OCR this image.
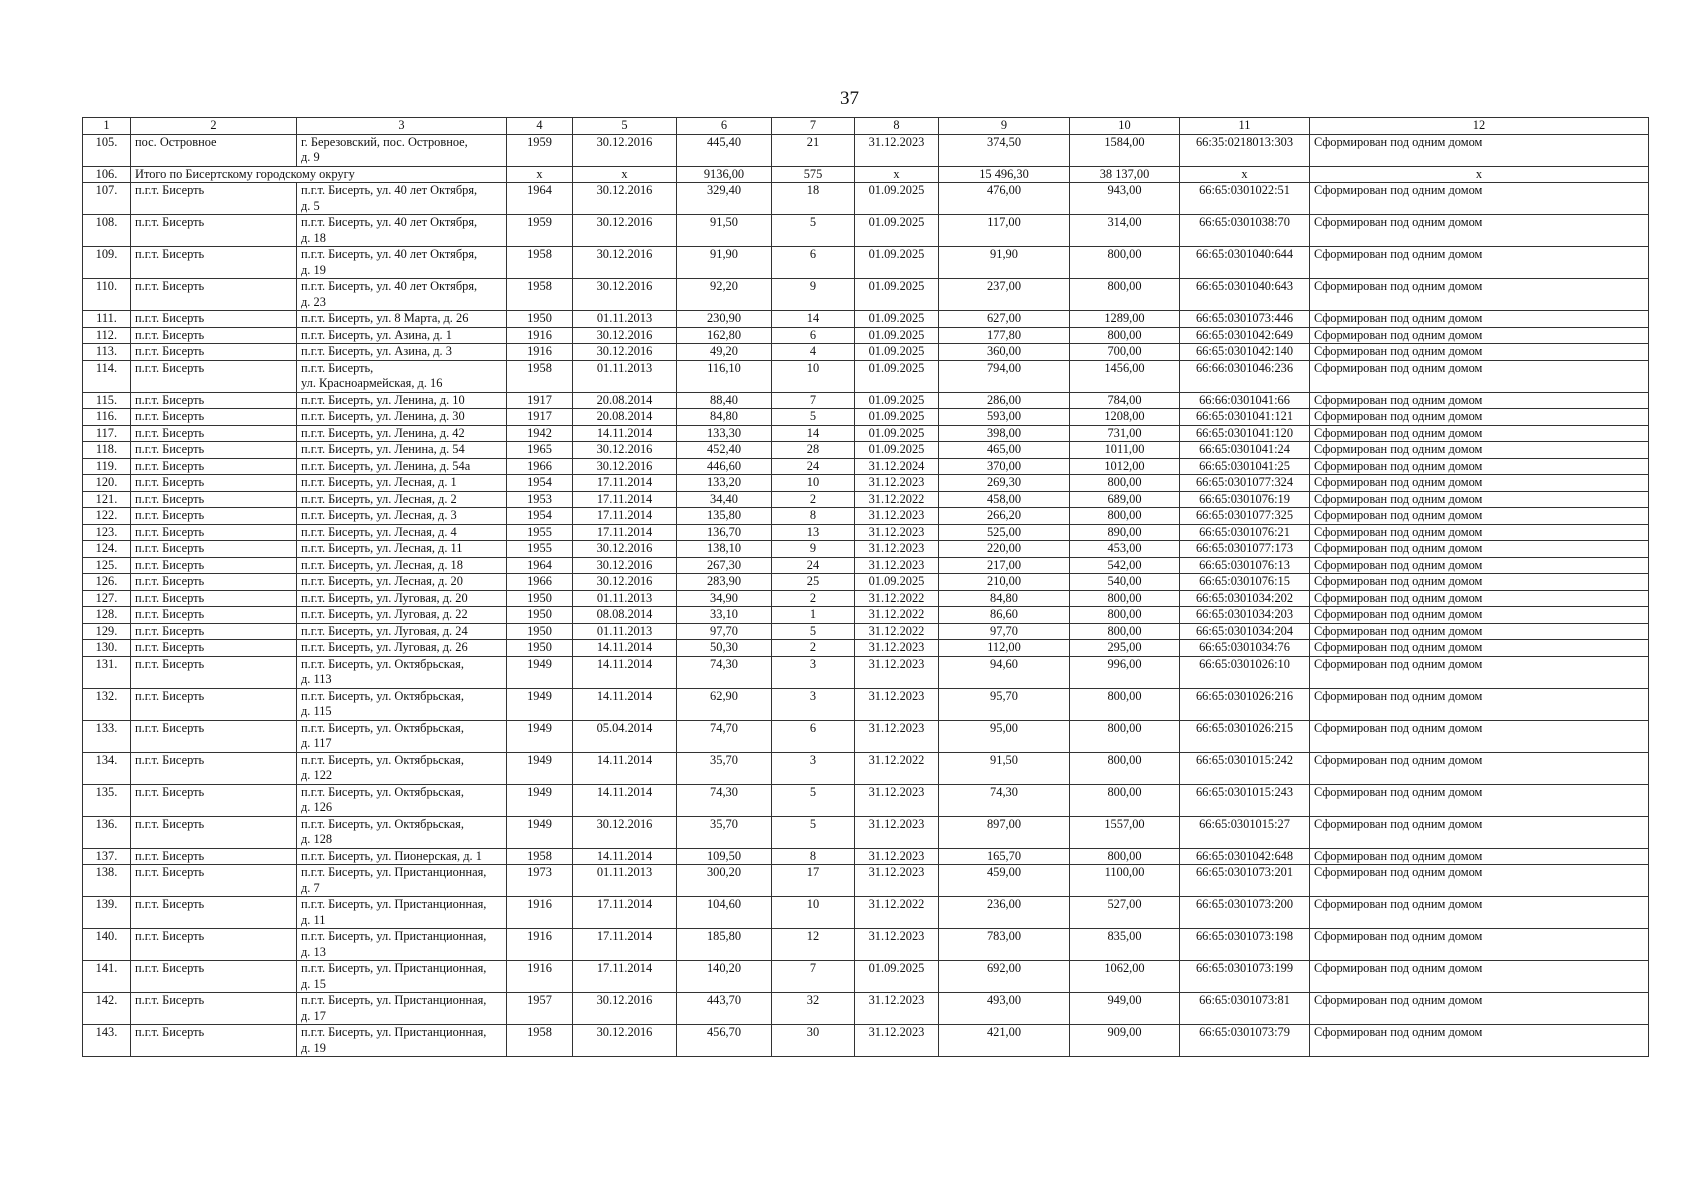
37
1	2	3	4	5	6	7	8	9	10	11	12
105.	пос. Островное	г. Березовский, пос. Островное,
д. 9	1959	30.12.2016	445,40	21	31.12.2023	374,50	1584,00	66:35:0218013:303	Сформирован под одним домом
106.	Итого по Бисертскому городскому округу		х	х	9136,00	575	х	15 496,30	38 137,00	х	х
107.	п.г.т. Бисерть	п.г.т. Бисерть, ул. 40 лет Октября,
д. 5	1964	30.12.2016	329,40	18	01.09.2025	476,00	943,00	66:65:0301022:51	Сформирован под одним домом
108.	п.г.т. Бисерть	п.г.т. Бисерть, ул. 40 лет Октября,
д. 18	1959	30.12.2016	91,50	5	01.09.2025	117,00	314,00	66:65:0301038:70	Сформирован под одним домом
109.	п.г.т. Бисерть	п.г.т. Бисерть, ул. 40 лет Октября,
д. 19	1958	30.12.2016	91,90	6	01.09.2025	91,90	800,00	66:65:0301040:644	Сформирован под одним домом
110.	п.г.т. Бисерть	п.г.т. Бисерть, ул. 40 лет Октября,
д. 23	1958	30.12.2016	92,20	9	01.09.2025	237,00	800,00	66:65:0301040:643	Сформирован под одним домом
111.	п.г.т. Бисерть	п.г.т. Бисерть, ул. 8 Марта, д. 26	1950	01.11.2013	230,90	14	01.09.2025	627,00	1289,00	66:65:0301073:446	Сформирован под одним домом
112.	п.г.т. Бисерть	п.г.т. Бисерть, ул. Азина, д. 1	1916	30.12.2016	162,80	6	01.09.2025	177,80	800,00	66:65:0301042:649	Сформирован под одним домом
113.	п.г.т. Бисерть	п.г.т. Бисерть, ул. Азина, д. 3	1916	30.12.2016	49,20	4	01.09.2025	360,00	700,00	66:65:0301042:140	Сформирован под одним домом
114.	п.г.т. Бисерть	п.г.т. Бисерть,
ул. Красноармейская, д. 16	1958	01.11.2013	116,10	10	01.09.2025	794,00	1456,00	66:66:0301046:236	Сформирован под одним домом
115.	п.г.т. Бисерть	п.г.т. Бисерть, ул. Ленина, д. 10	1917	20.08.2014	88,40	7	01.09.2025	286,00	784,00	66:66:0301041:66	Сформирован под одним домом
116.	п.г.т. Бисерть	п.г.т. Бисерть, ул. Ленина, д. 30	1917	20.08.2014	84,80	5	01.09.2025	593,00	1208,00	66:65:0301041:121	Сформирован под одним домом
117.	п.г.т. Бисерть	п.г.т. Бисерть, ул. Ленина, д. 42	1942	14.11.2014	133,30	14	01.09.2025	398,00	731,00	66:65:0301041:120	Сформирован под одним домом
118.	п.г.т. Бисерть	п.г.т. Бисерть, ул. Ленина, д. 54	1965	30.12.2016	452,40	28	01.09.2025	465,00	1011,00	66:65:0301041:24	Сформирован под одним домом
119.	п.г.т. Бисерть	п.г.т. Бисерть, ул. Ленина, д. 54а	1966	30.12.2016	446,60	24	31.12.2024	370,00	1012,00	66:65:0301041:25	Сформирован под одним домом
120.	п.г.т. Бисерть	п.г.т. Бисерть, ул. Лесная, д. 1	1954	17.11.2014	133,20	10	31.12.2023	269,30	800,00	66:65:0301077:324	Сформирован под одним домом
121.	п.г.т. Бисерть	п.г.т. Бисерть, ул. Лесная, д. 2	1953	17.11.2014	34,40	2	31.12.2022	458,00	689,00	66:65:0301076:19	Сформирован под одним домом
122.	п.г.т. Бисерть	п.г.т. Бисерть, ул. Лесная, д. 3	1954	17.11.2014	135,80	8	31.12.2023	266,20	800,00	66:65:0301077:325	Сформирован под одним домом
123.	п.г.т. Бисерть	п.г.т. Бисерть, ул. Лесная, д. 4	1955	17.11.2014	136,70	13	31.12.2023	525,00	890,00	66:65:0301076:21	Сформирован под одним домом
124.	п.г.т. Бисерть	п.г.т. Бисерть, ул. Лесная, д. 11	1955	30.12.2016	138,10	9	31.12.2023	220,00	453,00	66:65:0301077:173	Сформирован под одним домом
125.	п.г.т. Бисерть	п.г.т. Бисерть, ул. Лесная, д. 18	1964	30.12.2016	267,30	24	31.12.2023	217,00	542,00	66:65:0301076:13	Сформирован под одним домом
126.	п.г.т. Бисерть	п.г.т. Бисерть, ул. Лесная, д. 20	1966	30.12.2016	283,90	25	01.09.2025	210,00	540,00	66:65:0301076:15	Сформирован под одним домом
127.	п.г.т. Бисерть	п.г.т. Бисерть, ул. Луговая, д. 20	1950	01.11.2013	34,90	2	31.12.2022	84,80	800,00	66:65:0301034:202	Сформирован под одним домом
128.	п.г.т. Бисерть	п.г.т. Бисерть, ул. Луговая, д. 22	1950	08.08.2014	33,10	1	31.12.2022	86,60	800,00	66:65:0301034:203	Сформирован под одним домом
129.	п.г.т. Бисерть	п.г.т. Бисерть, ул. Луговая, д. 24	1950	01.11.2013	97,70	5	31.12.2022	97,70	800,00	66:65:0301034:204	Сформирован под одним домом
130.	п.г.т. Бисерть	п.г.т. Бисерть, ул. Луговая, д. 26	1950	14.11.2014	50,30	2	31.12.2023	112,00	295,00	66:65:0301034:76	Сформирован под одним домом
131.	п.г.т. Бисерть	п.г.т. Бисерть, ул. Октябрьская,
д. 113	1949	14.11.2014	74,30	3	31.12.2023	94,60	996,00	66:65:0301026:10	Сформирован под одним домом
132.	п.г.т. Бисерть	п.г.т. Бисерть, ул. Октябрьская,
д. 115	1949	14.11.2014	62,90	3	31.12.2023	95,70	800,00	66:65:0301026:216	Сформирован под одним домом
133.	п.г.т. Бисерть	п.г.т. Бисерть, ул. Октябрьская,
д. 117	1949	05.04.2014	74,70	6	31.12.2023	95,00	800,00	66:65:0301026:215	Сформирован под одним домом
134.	п.г.т. Бисерть	п.г.т. Бисерть, ул. Октябрьская,
д. 122	1949	14.11.2014	35,70	3	31.12.2022	91,50	800,00	66:65:0301015:242	Сформирован под одним домом
135.	п.г.т. Бисерть	п.г.т. Бисерть, ул. Октябрьская,
д. 126	1949	14.11.2014	74,30	5	31.12.2023	74,30	800,00	66:65:0301015:243	Сформирован под одним домом
136.	п.г.т. Бисерть	п.г.т. Бисерть, ул. Октябрьская,
д. 128	1949	30.12.2016	35,70	5	31.12.2023	897,00	1557,00	66:65:0301015:27	Сформирован под одним домом
137.	п.г.т. Бисерть	п.г.т. Бисерть, ул. Пионерская, д. 1	1958	14.11.2014	109,50	8	31.12.2023	165,70	800,00	66:65:0301042:648	Сформирован под одним домом
138.	п.г.т. Бисерть	п.г.т. Бисерть, ул. Пристанционная,
д. 7	1973	01.11.2013	300,20	17	31.12.2023	459,00	1100,00	66:65:0301073:201	Сформирован под одним домом
139.	п.г.т. Бисерть	п.г.т. Бисерть, ул. Пристанционная,
д. 11	1916	17.11.2014	104,60	10	31.12.2022	236,00	527,00	66:65:0301073:200	Сформирован под одним домом
140.	п.г.т. Бисерть	п.г.т. Бисерть, ул. Пристанционная,
д. 13	1916	17.11.2014	185,80	12	31.12.2023	783,00	835,00	66:65:0301073:198	Сформирован под одним домом
141.	п.г.т. Бисерть	п.г.т. Бисерть, ул. Пристанционная,
д. 15	1916	17.11.2014	140,20	7	01.09.2025	692,00	1062,00	66:65:0301073:199	Сформирован под одним домом
142.	п.г.т. Бисерть	п.г.т. Бисерть, ул. Пристанционная,
д. 17	1957	30.12.2016	443,70	32	31.12.2023	493,00	949,00	66:65:0301073:81	Сформирован под одним домом
143.	п.г.т. Бисерть	п.г.т. Бисерть, ул. Пристанционная,
д. 19	1958	30.12.2016	456,70	30	31.12.2023	421,00	909,00	66:65:0301073:79	Сформирован под одним домом
